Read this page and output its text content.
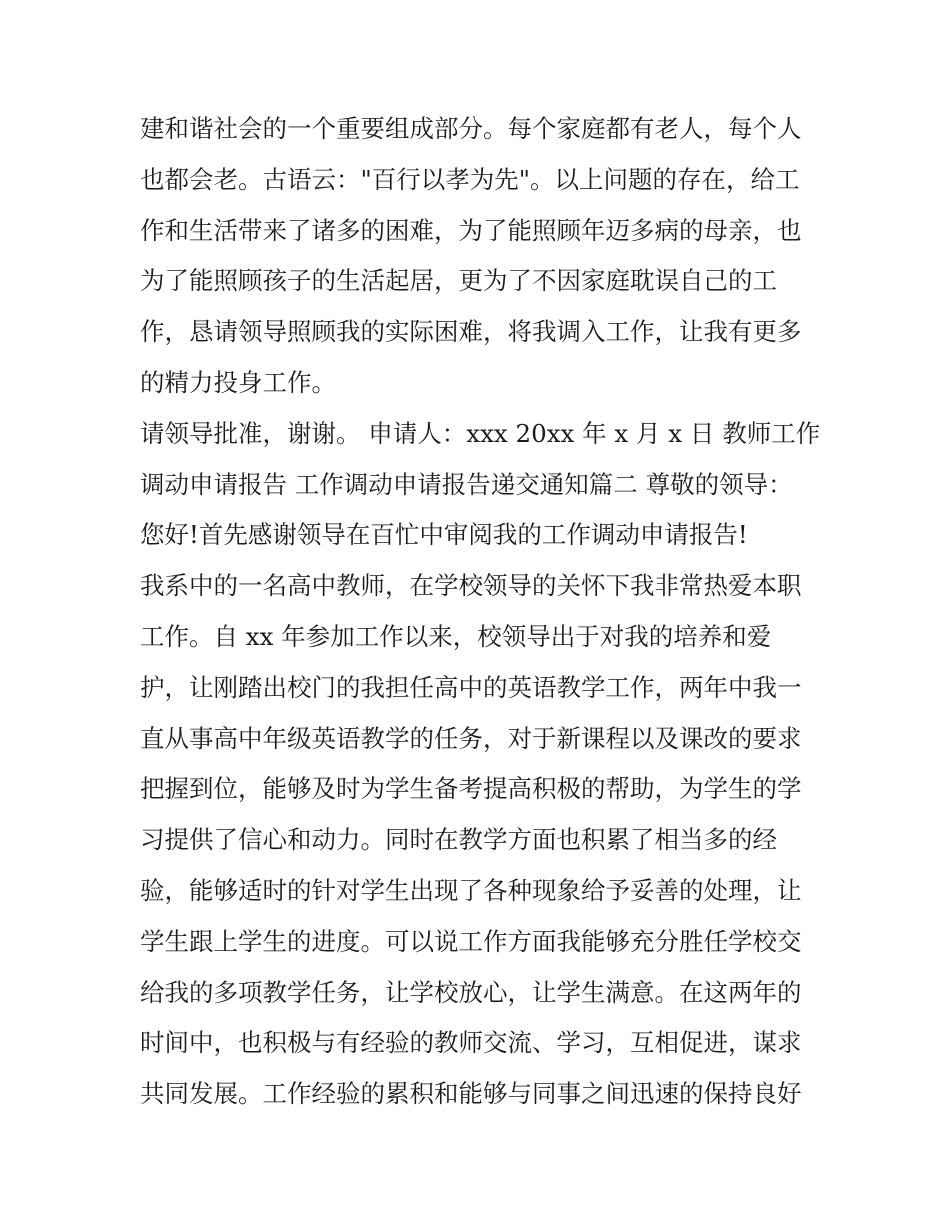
建和谐社会的一个重要组成部分。每个家庭都有老人，每个人
也都会老。古语云："百行以孝为先"。以上问题的存在，给工
作和生活带来了诸多的困难，为了能照顾年迈多病的母亲，也
为了能照顾孩子的生活起居，更为了不因家庭耽误自己的工
作，恳请领导照顾我的实际困难，将我调入工作，让我有更多
的精力投身工作。
请领导批准，谢谢。 申请人：xxx 20xx 年 x 月 x 日 教师工作
调动申请报告 工作调动申请报告递交通知篇二 尊敬的领导：
您好!首先感谢领导在百忙中审阅我的工作调动申请报告!
我系中的一名高中教师，在学校领导的关怀下我非常热爱本职
工作。自 xx 年参加工作以来，校领导出于对我的培养和爱
护，让刚踏出校门的我担任高中的英语教学工作，两年中我一
直从事高中年级英语教学的任务，对于新课程以及课改的要求
把握到位，能够及时为学生备考提高积极的帮助，为学生的学
习提供了信心和动力。同时在教学方面也积累了相当多的经
验，能够适时的针对学生出现了各种现象给予妥善的处理，让
学生跟上学生的进度。可以说工作方面我能够充分胜任学校交
给我的多项教学任务，让学校放心，让学生满意。在这两年的
时间中，也积极与有经验的教师交流、学习，互相促进，谋求
共同发展。工作经验的累积和能够与同事之间迅速的保持良好
